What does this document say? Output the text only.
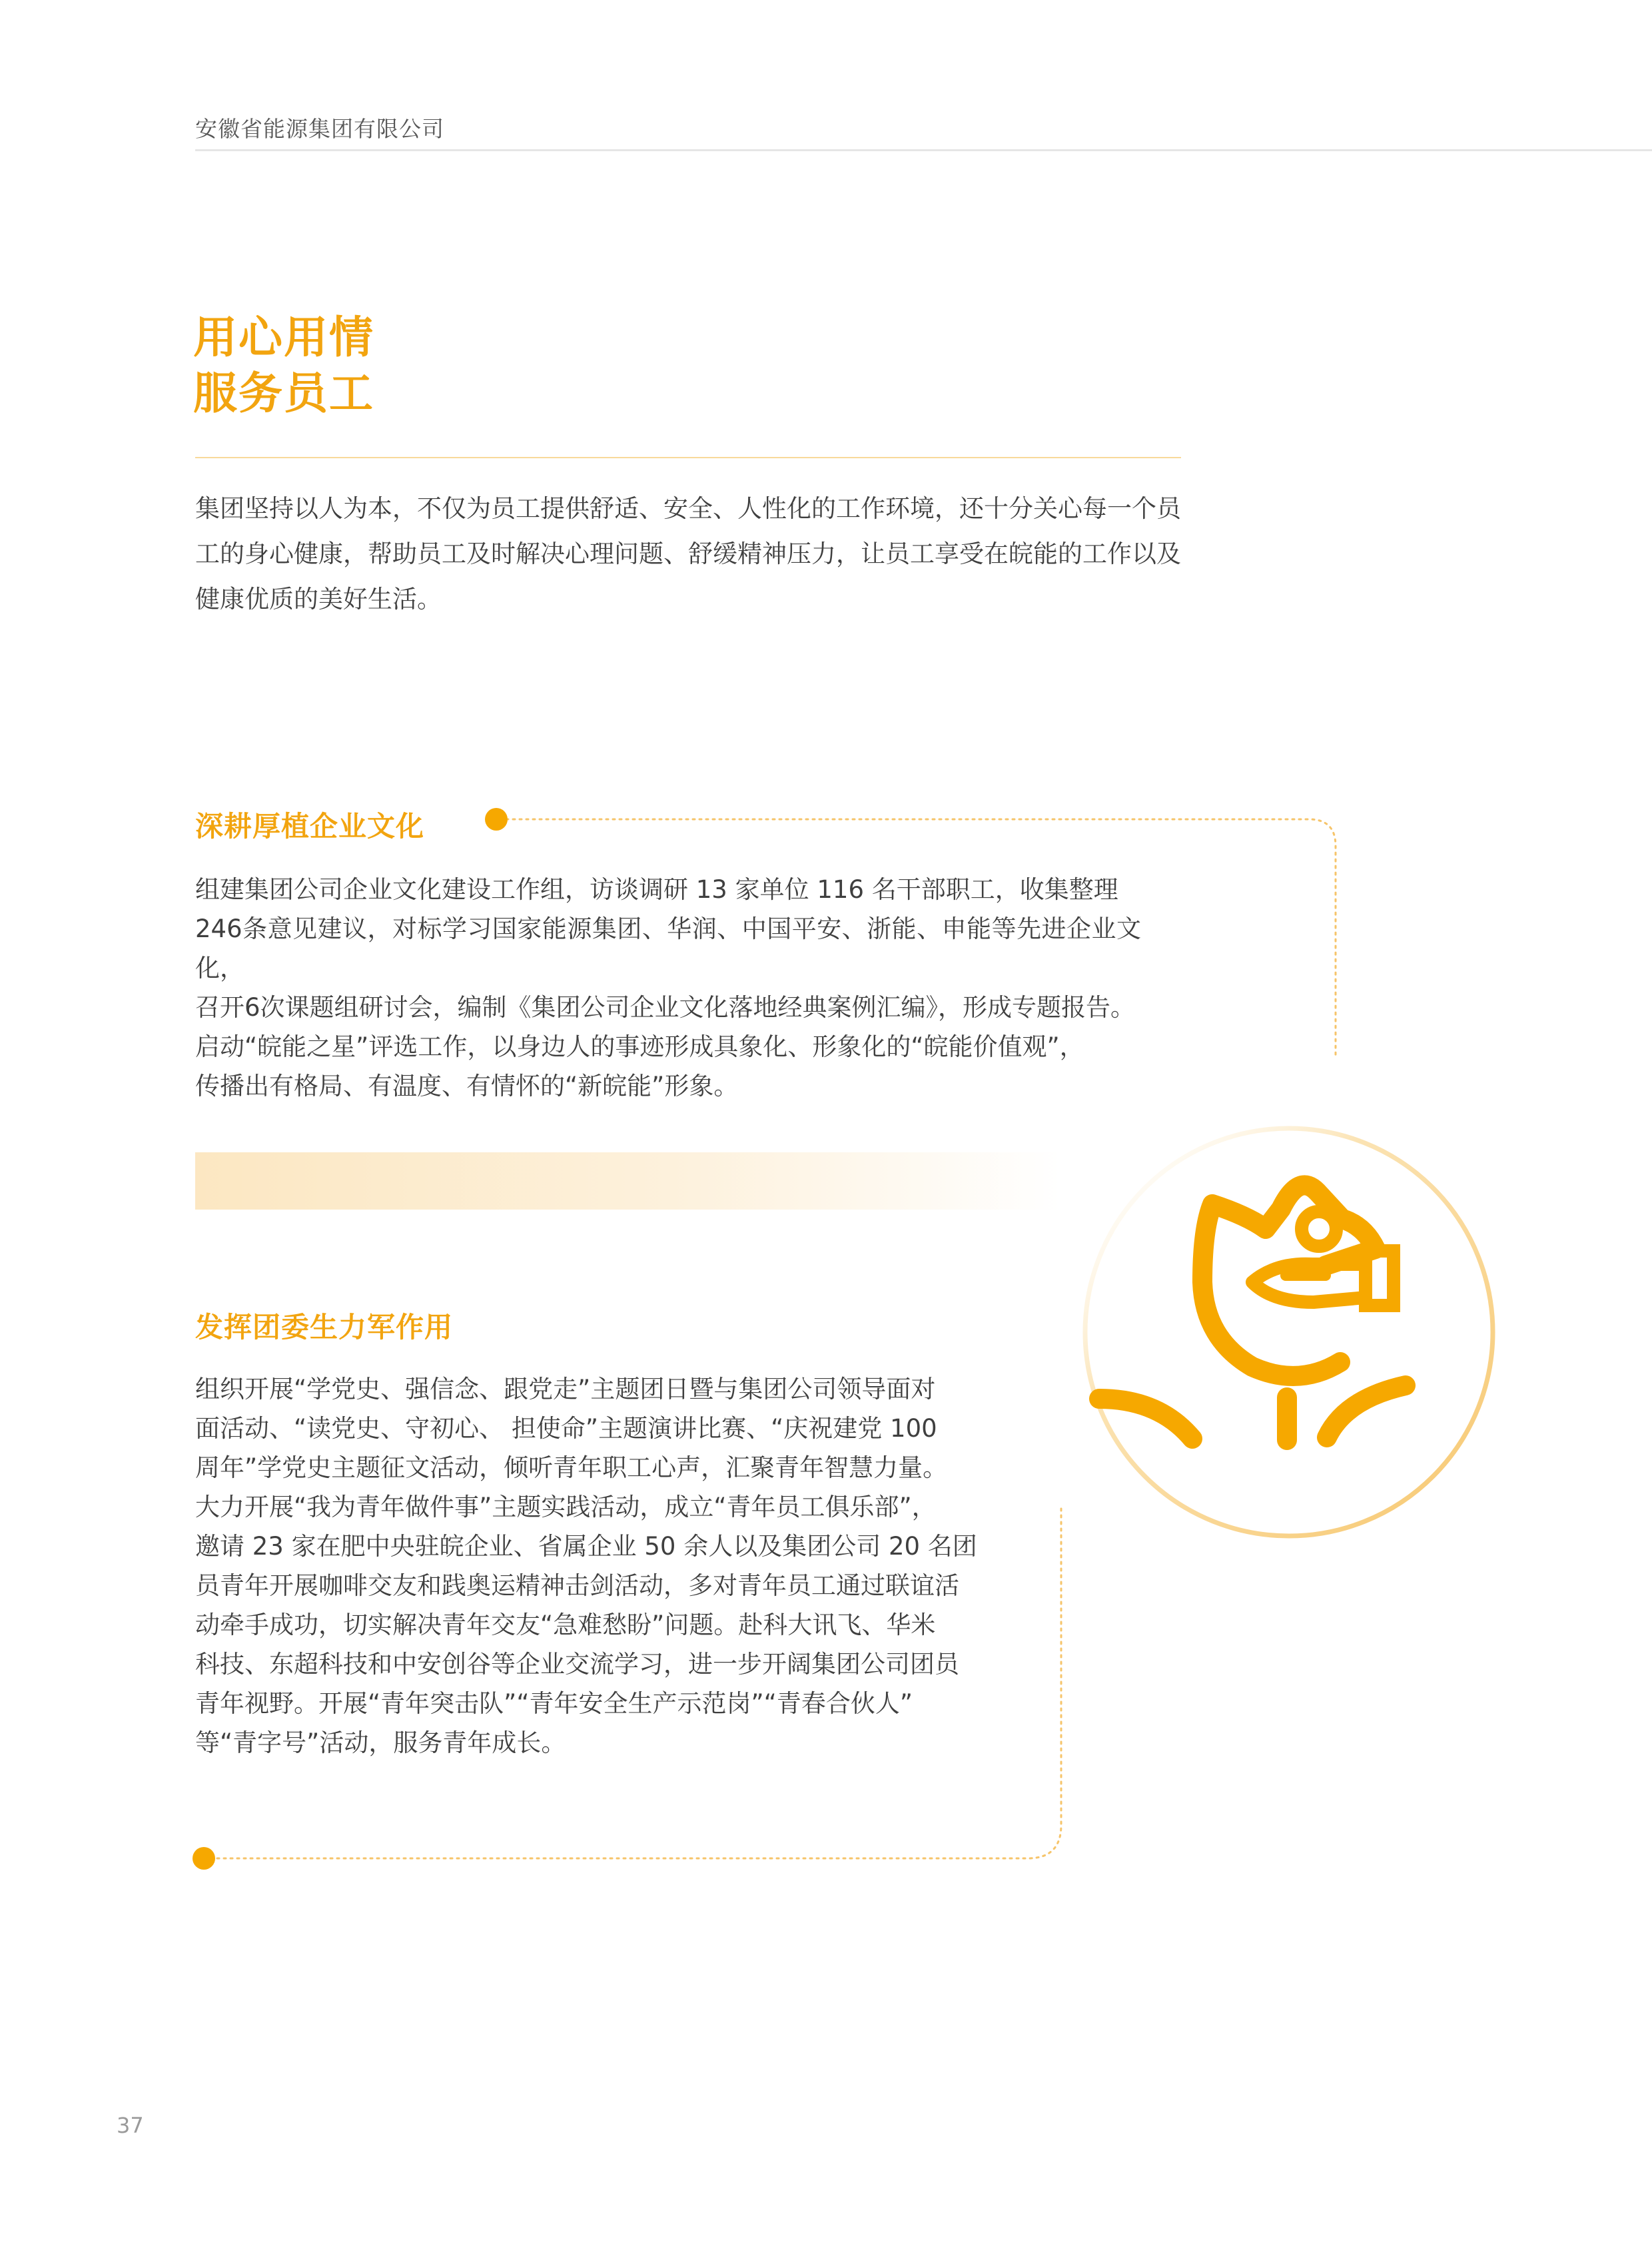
安徽省能源集团有限公司
用心用情
服务员工
集团坚持以人为本，不仅为员工提供舒适、安全、人性化的工作环境，还十分关心每一个员
工的身心健康，帮助员工及时解决心理问题、舒缓精神压力，让员工享受在皖能的工作以及
健康优质的美好生活。
深耕厚植企业文化
组建集团公司企业文化建设工作组，访谈调研 13 家单位 116 名干部职工，收集整理
246条意见建议，对标学习国家能源集团、华润、中国平安、浙能、申能等先进企业文化，
召开6次课题组研讨会，编制《集团公司企业文化落地经典案例汇编》，形成专题报告。
启动“皖能之星”评选工作，以身边人的事迹形成具象化、形象化的“皖能价值观”，
传播出有格局、有温度、有情怀的“新皖能”形象。
发挥团委生力军作用
组织开展“学党史、强信念、跟党走”主题团日暨与集团公司领导面对
面活动、“读党史、守初心、 担使命”主题演讲比赛、“庆祝建党 100
周年”学党史主题征文活动，倾听青年职工心声，汇聚青年智慧力量。
大力开展“我为青年做件事”主题实践活动，成立“青年员工俱乐部”，
邀请 23 家在肥中央驻皖企业、省属企业 50 余人以及集团公司 20 名团
员青年开展咖啡交友和践奥运精神击剑活动，多对青年员工通过联谊活
动牵手成功，切实解决青年交友“急难愁盼”问题。赴科大讯飞、华米
科技、东超科技和中安创谷等企业交流学习，进一步开阔集团公司团员
青年视野。开展“青年突击队”“青年安全生产示范岗”“青春合伙人”
等“青字号”活动，服务青年成长。
37
